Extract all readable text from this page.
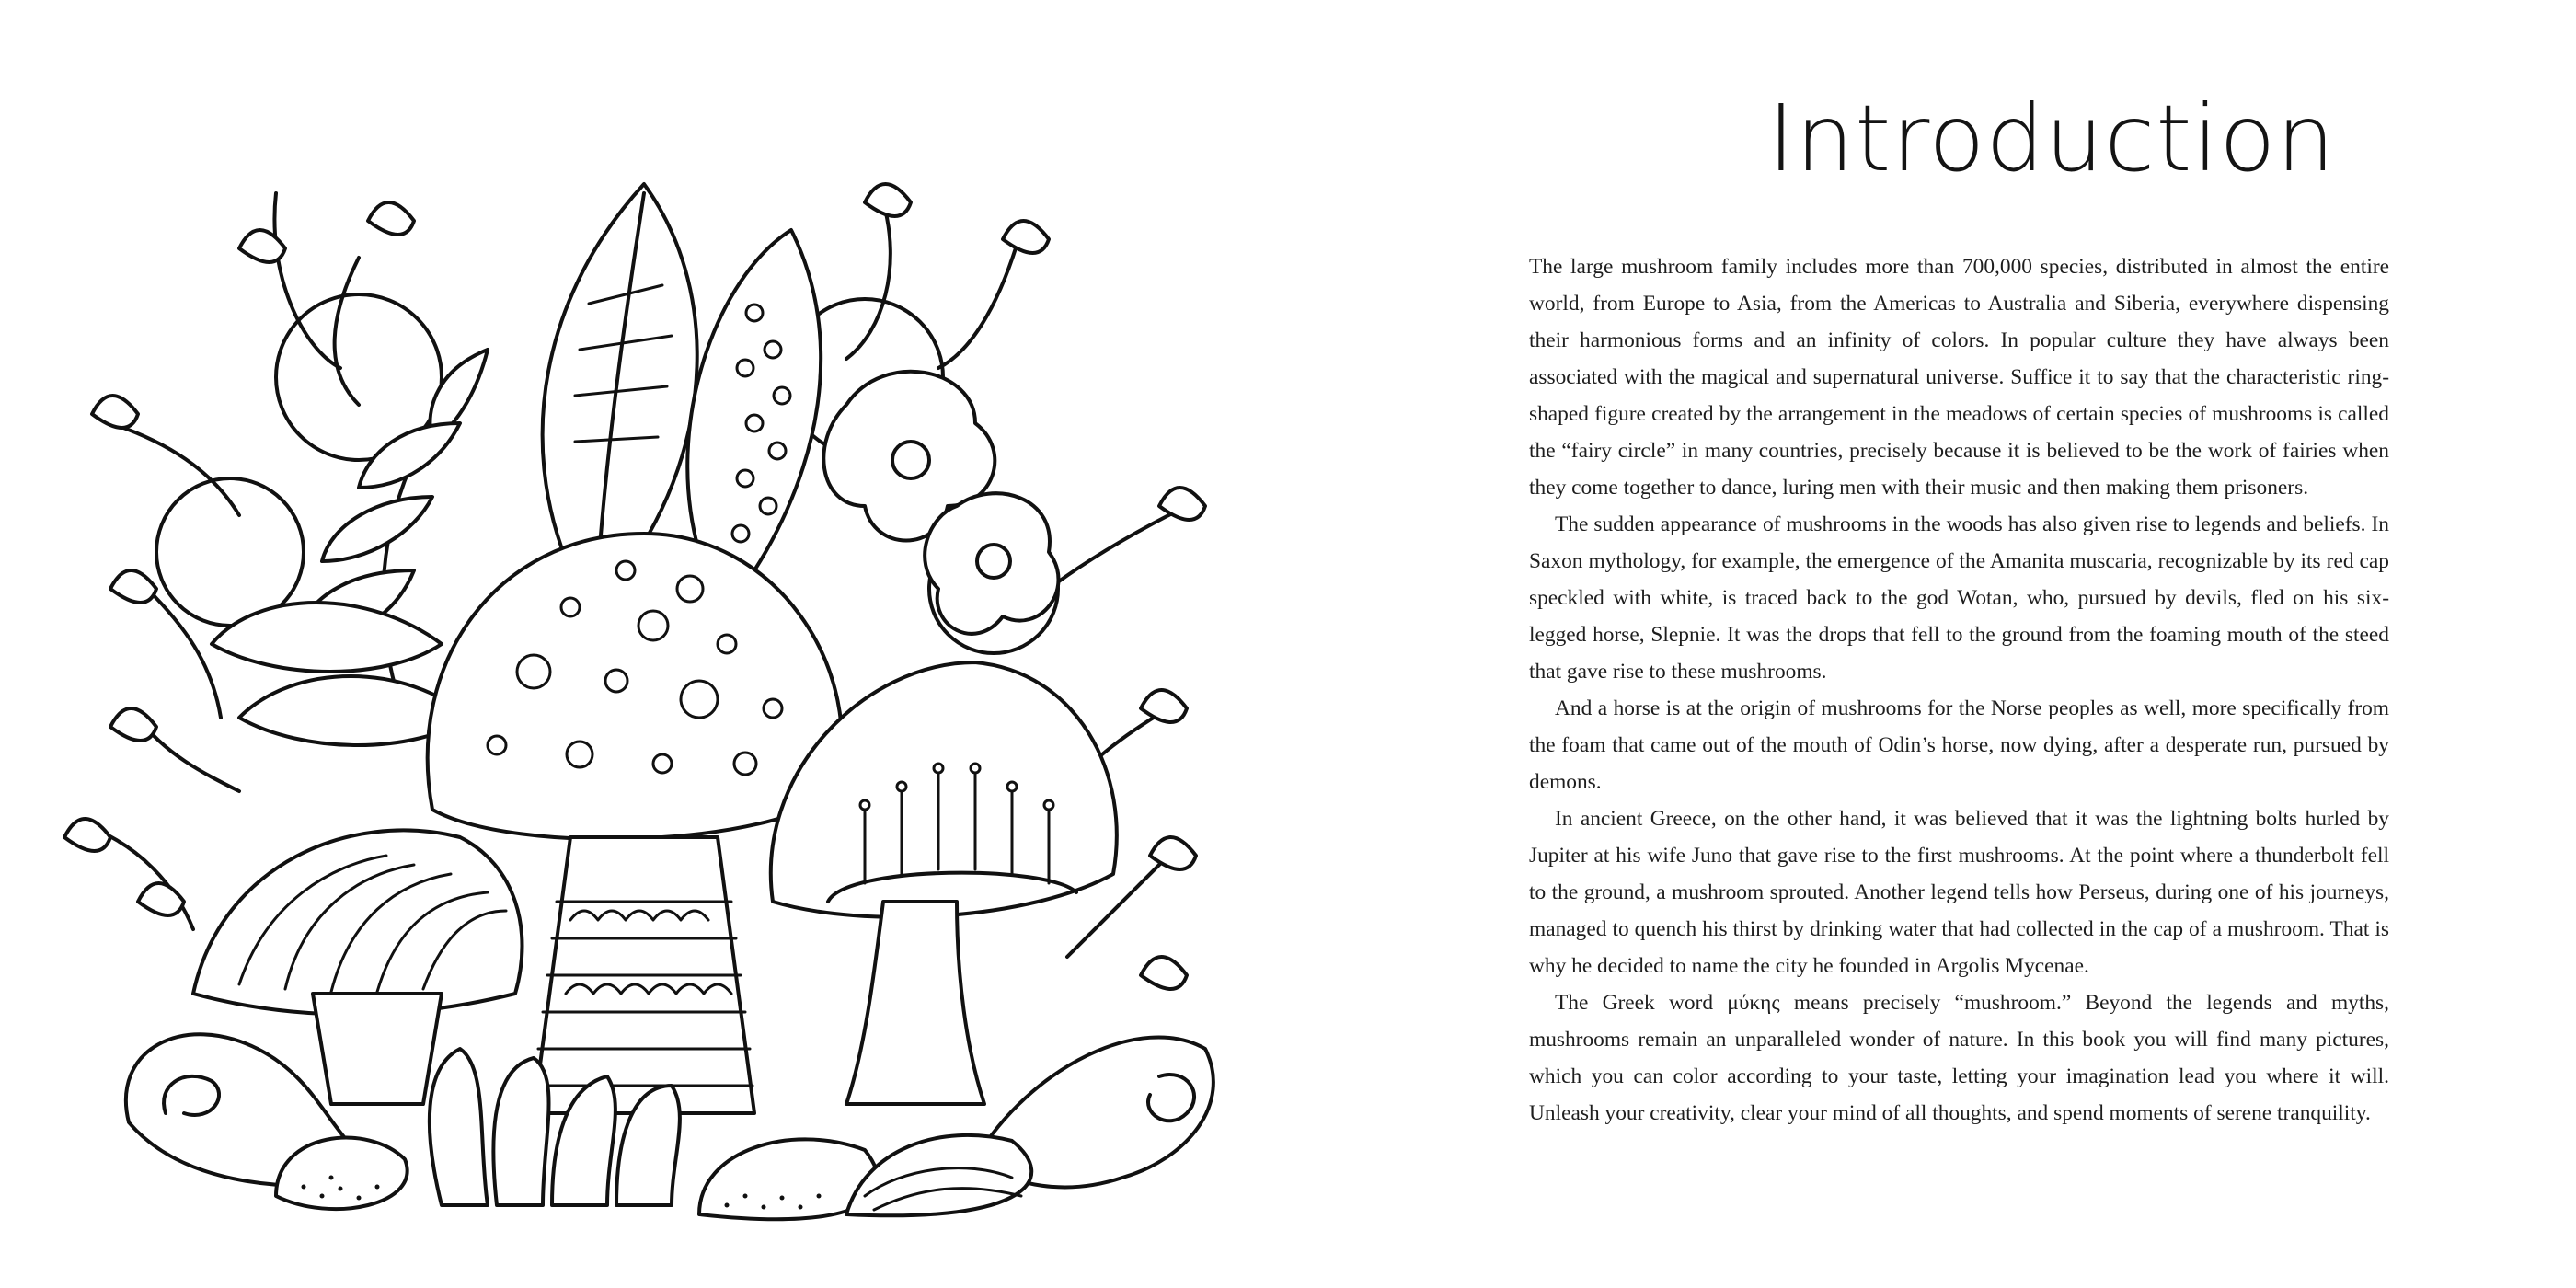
Introduction

The large mushroom family includes more than 700,000 species, distributed in almost the entire world, from Europe to Asia, from the Americas to Australia and Siberia, everywhere dispensing their harmonious forms and an infinity of colors. In popular culture they have always been associated with the magical and supernatural universe. Suffice it to say that the characteristic ring-shaped figure created by the arrangement in the meadows of certain species of mushrooms is called the “fairy circle” in many countries, precisely because it is believed to be the work of fairies when they come together to dance, luring men with their music and then making them prisoners.

The sudden appearance of mushrooms in the woods has also given rise to legends and beliefs. In Saxon mythology, for example, the emergence of the Amanita muscaria, recognizable by its red cap speckled with white, is traced back to the god Wotan, who, pursued by devils, fled on his six-legged horse, Slepnie. It was the drops that fell to the ground from the foaming mouth of the steed that gave rise to these mushrooms.

And a horse is at the origin of mushrooms for the Norse peoples as well, more specifically from the foam that came out of the mouth of Odin’s horse, now dying, after a desperate run, pursued by demons.

In ancient Greece, on the other hand, it was believed that it was the lightning bolts hurled by Jupiter at his wife Juno that gave rise to the first mushrooms. At the point where a thunderbolt fell to the ground, a mushroom sprouted. Another legend tells how Perseus, during one of his journeys, managed to quench his thirst by drinking water that had collected in the cap of a mushroom. That is why he decided to name the city he founded in Argolis Mycenae.

The Greek word μύκης means precisely “mushroom.” Beyond the legends and myths, mushrooms remain an unparalleled wonder of nature. In this book you will find many pictures, which you can color according to your taste, letting your imagination lead you where it will. Unleash your creativity, clear your mind of all thoughts, and spend moments of serene tranquility.
